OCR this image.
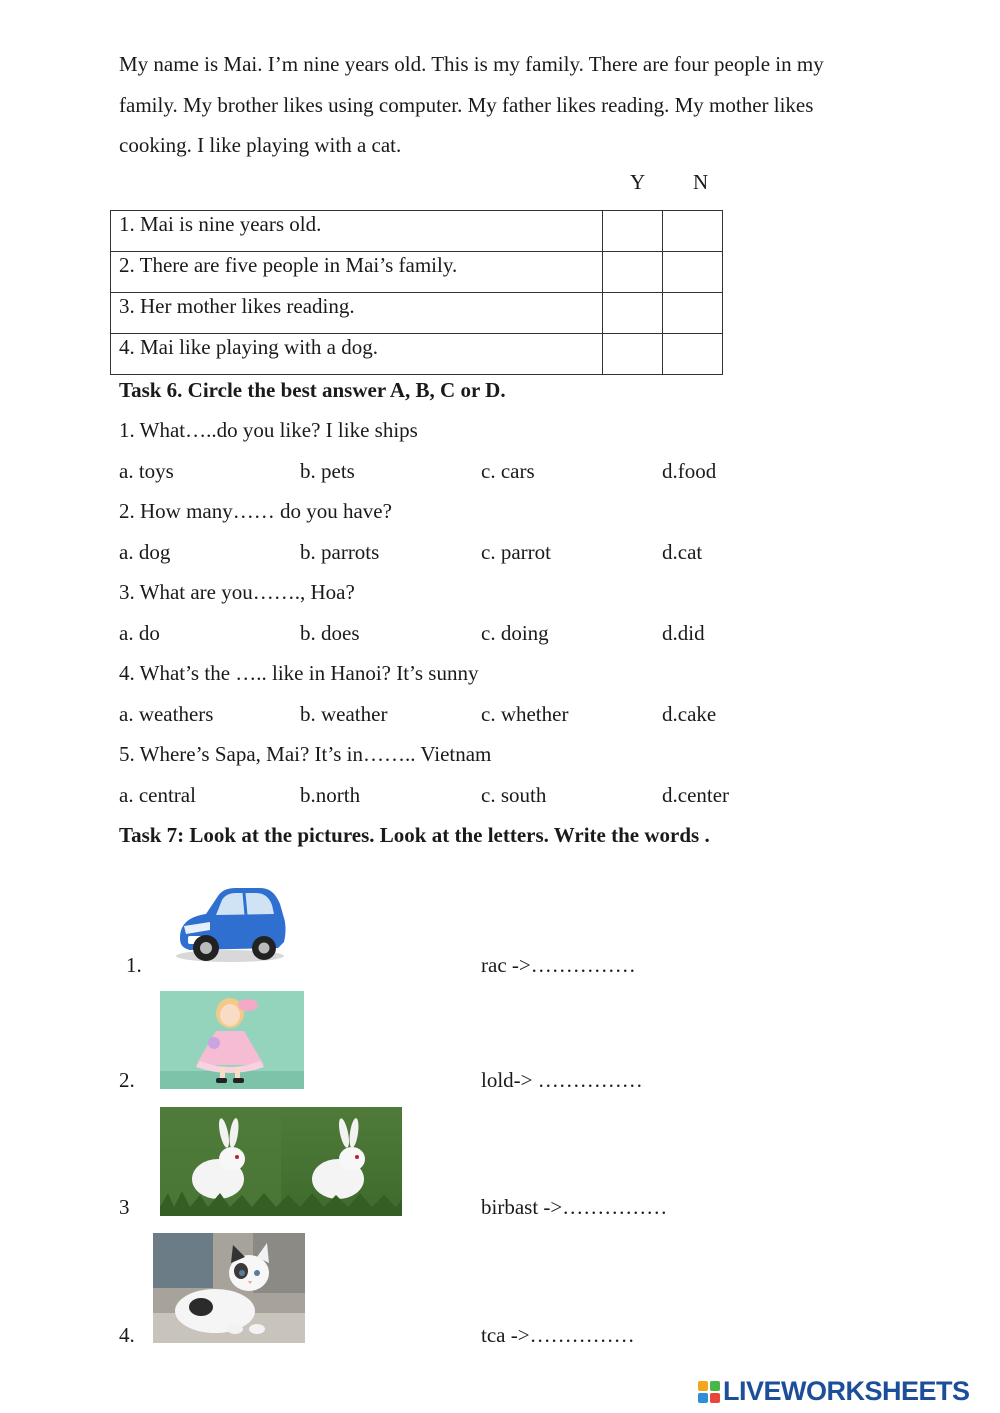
My name is Mai. I’m nine years old. This is my family. There are four people in my
family. My brother likes using computer. My father likes reading. My mother likes
cooking. I like playing with a cat.

Y N
1. Mai is nine years old.		
2. There are five people in Mai’s family.		
3. Her mother likes reading.		
4. Mai like playing with a dog.		
Task 6. Circle the best answer A, B, C or D.
1. What…..do you like? I like ships
a. toys	b. pets	c. cars	d.food
2. How many…… do you have?
a. dog	b. parrots	c. parrot	d.cat
3. What are you……., Hoa?
a. do	b. does	c. doing	d.did
4. What’s the ….. like in Hanoi? It’s sunny
a. weathers	b. weather	c. whether	d.cake
5. Where’s Sapa, Mai? It’s in…….. Vietnam
a. central	b.north	c. south	d.center
Task 7: Look at the pictures. Look at the letters. Write the words .
1.	rac ->……………
2.	lold-> ……………
3	birbast ->……………
4.	tca ->……………
LIVEWORKSHEETS
